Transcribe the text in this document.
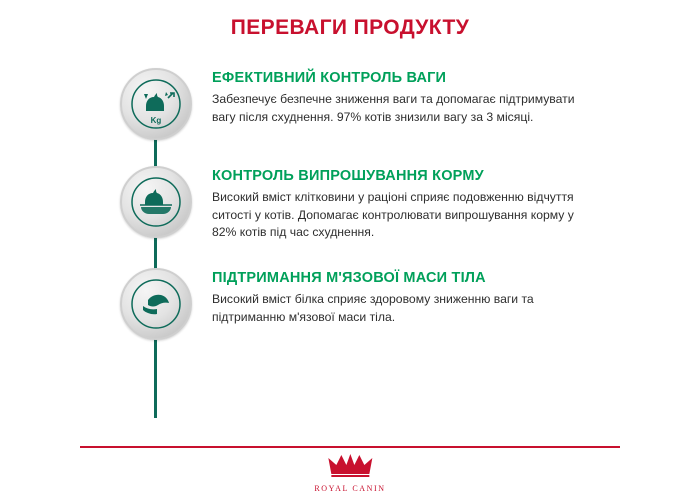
ПЕРЕВАГИ ПРОДУКТУ
Kg

ЕФЕКТИВНИЙ КОНТРОЛЬ ВАГИ

Забезпечує безпечне зниження ваги та допомагає підтримувати вагу після схуднення. 97% котів знизили вагу за 3 місяці.

КОНТРОЛЬ ВИПРОШУВАННЯ КОРМУ

Високий вміст клітковини у раціоні сприяє подовженню відчуття ситості у котів. Допомагає контролювати випрошування корму у 82% котів під час схуднення.

ПІДТРИМАННЯ М'ЯЗОВОЇ МАСИ ТІЛА

Високий вміст білка сприяє здоровому зниженню ваги та підтриманню м'язової маси тіла.

ROYAL CANIN
